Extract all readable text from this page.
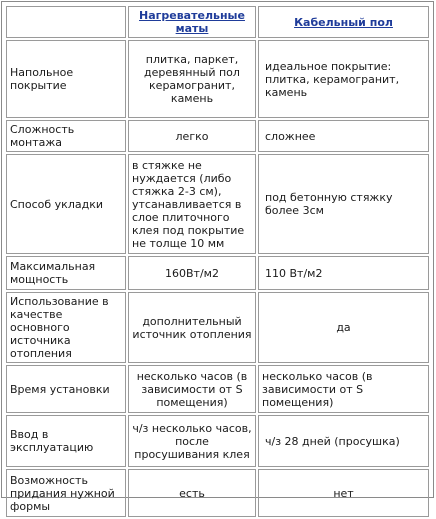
	Нагревательные маты	Кабельный пол
Напольное покрытие	плитка, паркет, деревянный пол керамогранит, камень	идеальное покрытие: плитка, керамогранит, камень
Сложность монтажа	легко	сложнее
Способ укладки	в стяжке не нуждается (либо стяжка 2-3 см), утсанавливается в слое плиточного клея под покрытие не толще 10 мм	под бетонную стяжку более 3см
Максимальная мощность	160Вт/м2	110 Вт/м2
Использование в качестве основного источника отопления	дополнительный источник отопления	да
Время установки	несколько часов (в зависимости от S помещения)	несколько часов (в зависимости от S помещения)
Ввод в эксплуатацию	ч/з несколько часов, после просушивания клея	ч/з 28 дней (просушка)
Возможность придания нужной формы	есть	нет
